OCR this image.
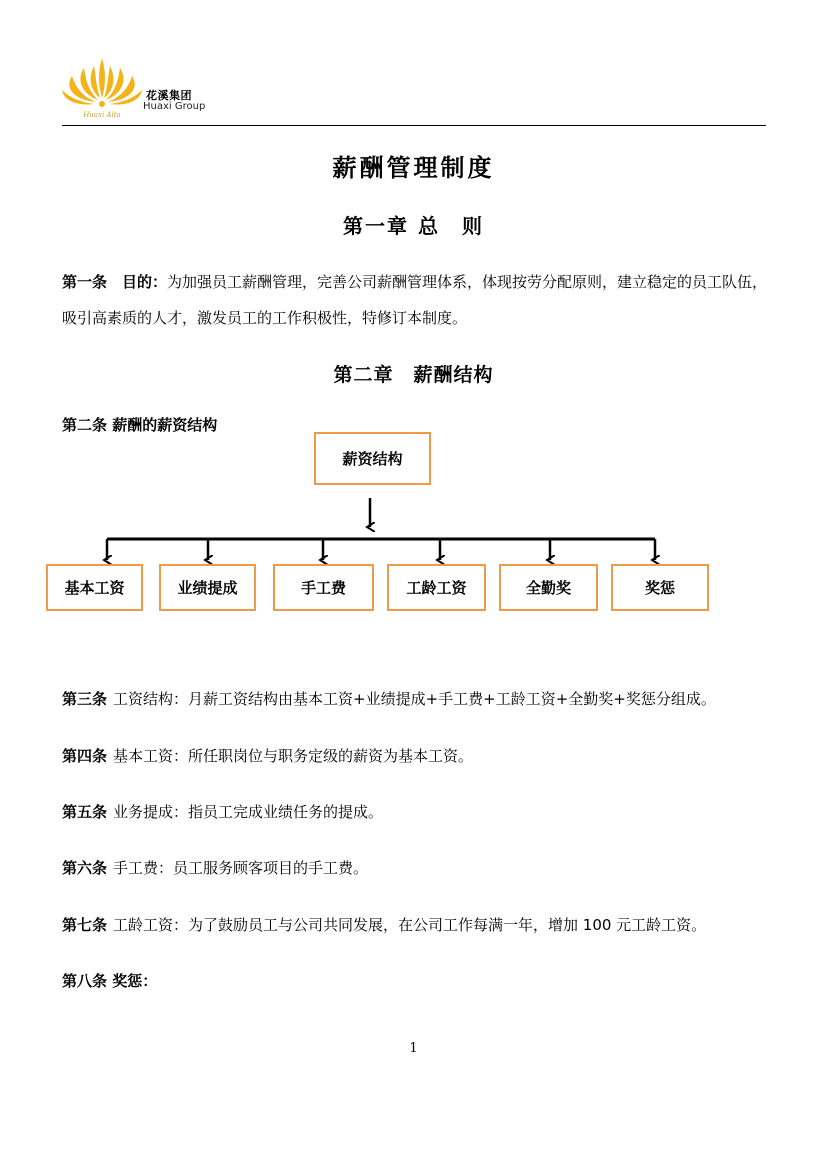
Huaxi Alta
花溪集团
Huaxi Group
薪酬管理制度
第一章 总　则
第一条　目的：为加强员工薪酬管理，完善公司薪酬管理体系，体现按劳分配原则，建立稳定的员工队伍，吸引高素质的人才，激发员工的工作积极性，特修订本制度。
第二章　薪酬结构
第二条 薪酬的薪资结构
薪资结构
基本工资	业绩提成	手工费	工龄工资	全勤奖	奖惩
第三条 工资结构：月薪工资结构由基本工资+业绩提成+手工费+工龄工资+全勤奖+奖惩分组成。
第四条 基本工资：所任职岗位与职务定级的薪资为基本工资。
第五条 业务提成：指员工完成业绩任务的提成。
第六条 手工费：员工服务顾客项目的手工费。
第七条 工龄工资：为了鼓励员工与公司共同发展，在公司工作每满一年，增加 100 元工龄工资。
第八条 奖惩：
1
